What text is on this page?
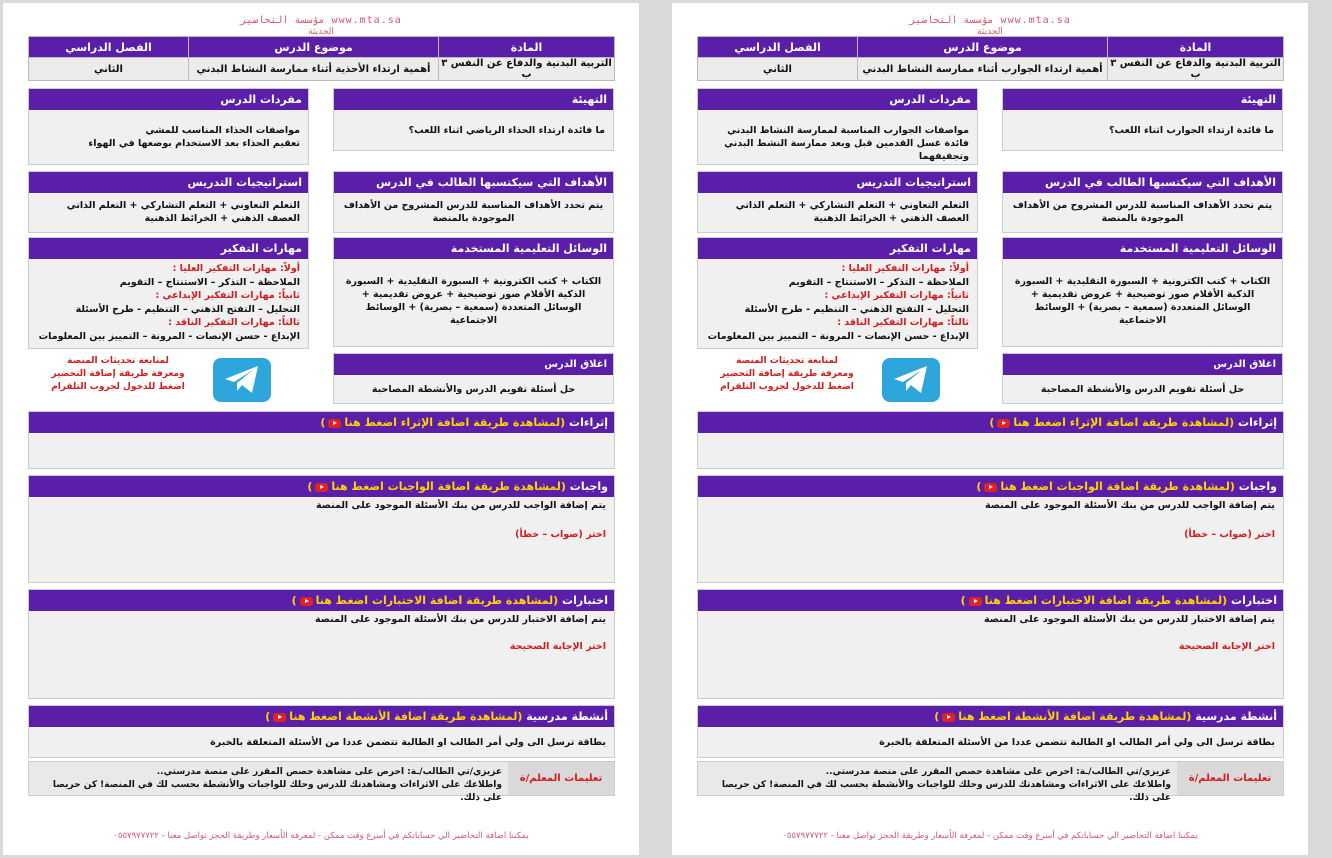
www.mta.sa مؤسسة التحاضير
الحديثة
المادة	موضوع الدرس	الفصل الدراسي
التربية البدنية والدفاع عن النفس ٣ ب	أهمية ارتداء الأحذية أثناء ممارسة النشاط البدني	الثاني
التهيئة
ما فائدة ارتداء الحذاء الرياضي اثناء اللعب؟
مفردات الدرس
مواصفات الحذاء المناسب للمشي
تعقيم الحذاء بعد الاستخدام بوضعها في الهواء
الأهداف التي سيكتسبها الطالب في الدرس
يتم تحدد الأهداف المناسبة للدرس المشروح من الأهداف الموجودة بالمنصة
استراتيجيات التدريس
التعلم التعاوني + التعلم التشاركي + التعلم الذاتي
العصف الذهني + الخرائط الذهنية
الوسائل التعليمية المستخدمة
الكتاب + كتب الكترونية + السبورة التقليدية + السبورة الذكية الأقلام صور توضيحية + عروض تقديمية + الوسائل المتعددة (سمعية – بصرية) + الوسائط الاجتماعية
مهارات التفكير
أولاً: مهارات التفكير العليا :
الملاحظة – التذكر – الاستنتاج – التقويم
ثانياً: مهارات التفكير الإبداعي :
التحليل – التفتح الذهني – التنظيم - طرح الأسئلة
ثالثاً: مهارات التفكير الناقد :
الإبداع - حسن الإنصات - المرونة – التمييز بين المعلومات
اغلاق الدرس
حل أسئلة تقويم الدرس والأنشطة المصاحبة
لمتابعة تحديثات المنصة
ومعرفة طريقة إضافة التحضير
اضغط للدخول لجروب التلقرام
إثراءات (لمشاهدة طريقة اضافة الإثراء اضغط هنا)
واجبات (لمشاهدة طريقة اضافة الواجبات اضغط هنا)
يتم إضافة الواجب للدرس من بنك الأسئلة الموجود على المنصة
اختر (صواب – خطأ)
اختبارات (لمشاهدة طريقة اضافة الاختبارات اضغط هنا)
يتم إضافة الاختبار للدرس من بنك الأسئلة الموجود على المنصة
اختر الإجابة الصحيحة
أنشطة مدرسية (لمشاهدة طريقة اضافة الأنشطة اضغط هنا)
بطاقة ترسل الى ولي أمر الطالب او الطالبة تتضمن عددا من الأسئلة المتعلقة بالخبرة
تعليمات المعلم/ة
عزيزي/تي الطالب/ـة: احرص على مشاهدة حصص المقرر على منصة مدرستي..
واطلاعك على الاثراءات ومشاهدتك للدرس وحلك للواجبات والأنشطة بحسب لك في المنصة! كن حريصا على ذلك.
يمكننا اضافة التحاضير الي حساباتكم في أسرع وقت ممكن - لمعرفة الأسعار وطريقة الحجز تواصل معنا - ٠٥٥٧٩٧٧٧٢٢
www.mta.sa مؤسسة التحاضير
الحديثة
المادة	موضوع الدرس	الفصل الدراسي
التربية البدنية والدفاع عن النفس ٣ ب	أهمية ارتداء الجوارب أثناء ممارسة النشاط البدني	الثاني
التهيئة
ما فائدة ارتداء الجوارب اثناء اللعب؟
مفردات الدرس
مواصفات الجوارب المناسبة لممارسة النشاط البدني
فائدة غسل القدمين قبل وبعد ممارسة النشط البدني وتجفيفهما
الأهداف التي سيكتسبها الطالب في الدرس
يتم تحدد الأهداف المناسبة للدرس المشروح من الأهداف الموجودة بالمنصة
استراتيجيات التدريس
التعلم التعاوني + التعلم التشاركي + التعلم الذاتي
العصف الذهني + الخرائط الذهنية
الوسائل التعليمية المستخدمة
الكتاب + كتب الكترونية + السبورة التقليدية + السبورة الذكية الأقلام صور توضيحية + عروض تقديمية + الوسائل المتعددة (سمعية – بصرية) + الوسائط الاجتماعية
مهارات التفكير
أولاً: مهارات التفكير العليا :
الملاحظة – التذكر – الاستنتاج – التقويم
ثانياً: مهارات التفكير الإبداعي :
التحليل – التفتح الذهني – التنظيم - طرح الأسئلة
ثالثاً: مهارات التفكير الناقد :
الإبداع - حسن الإنصات - المرونة – التمييز بين المعلومات
اغلاق الدرس
حل أسئلة تقويم الدرس والأنشطة المصاحبة
لمتابعة تحديثات المنصة
ومعرفة طريقة إضافة التحضير
اضغط للدخول لجروب التلقرام
إثراءات (لمشاهدة طريقة اضافة الإثراء اضغط هنا)
واجبات (لمشاهدة طريقة اضافة الواجبات اضغط هنا)
يتم إضافة الواجب للدرس من بنك الأسئلة الموجود على المنصة
اختر (صواب – خطأ)
اختبارات (لمشاهدة طريقة اضافة الاختبارات اضغط هنا)
يتم إضافة الاختبار للدرس من بنك الأسئلة الموجود على المنصة
اختر الإجابة الصحيحة
أنشطة مدرسية (لمشاهدة طريقة اضافة الأنشطة اضغط هنا)
بطاقة ترسل الى ولي أمر الطالب او الطالبة تتضمن عددا من الأسئلة المتعلقة بالخبرة
تعليمات المعلم/ة
عزيزي/تي الطالب/ـة: احرص على مشاهدة حصص المقرر على منصة مدرستي..
واطلاعك على الاثراءات ومشاهدتك للدرس وحلك للواجبات والأنشطة بحسب لك في المنصة! كن حريصا على ذلك.
يمكننا اضافة التحاضير الي حساباتكم في أسرع وقت ممكن - لمعرفة الأسعار وطريقة الحجز تواصل معنا - ٠٥٥٧٩٧٧٧٢٢
